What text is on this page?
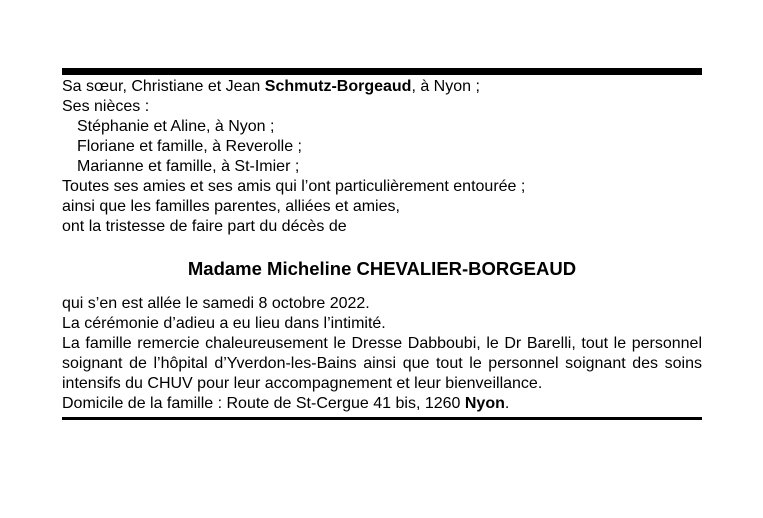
Sa sœur, Christiane et Jean Schmutz-Borgeaud, à Nyon ;
Ses nièces :
Stéphanie et Aline, à Nyon ;
Floriane et famille, à Reverolle ;
Marianne et famille, à St-Imier ;
Toutes ses amies et ses amis qui l’ont particulièrement entourée ;
ainsi que les familles parentes, alliées et amies,
ont la tristesse de faire part du décès de
Madame Micheline CHEVALIER-BORGEAUD
qui s’en est allée le samedi 8 octobre 2022.
La cérémonie d’adieu a eu lieu dans l’intimité.
La famille remercie chaleureusement le Dresse Dabboubi, le Dr Barelli, tout le personnel soignant de l’hôpital d’Yverdon-les-Bains ainsi que tout le personnel soignant des soins intensifs du CHUV pour leur accompagnement et leur bienveillance.
Domicile de la famille : Route de St-Cergue 41 bis, 1260 Nyon.
